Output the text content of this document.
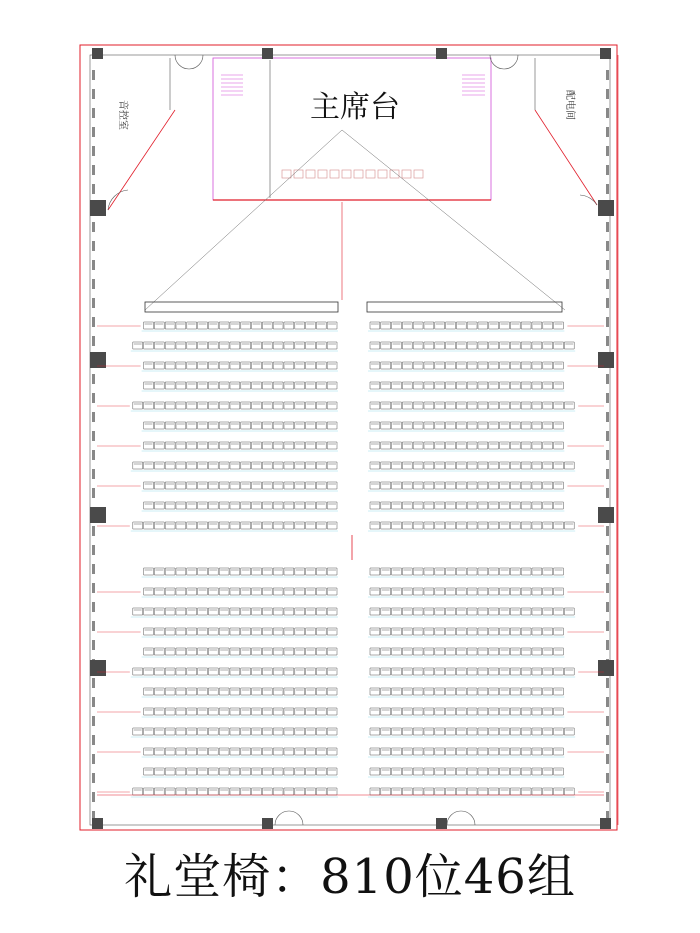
主席台
音控室	配电间
礼堂椅：810位46组
